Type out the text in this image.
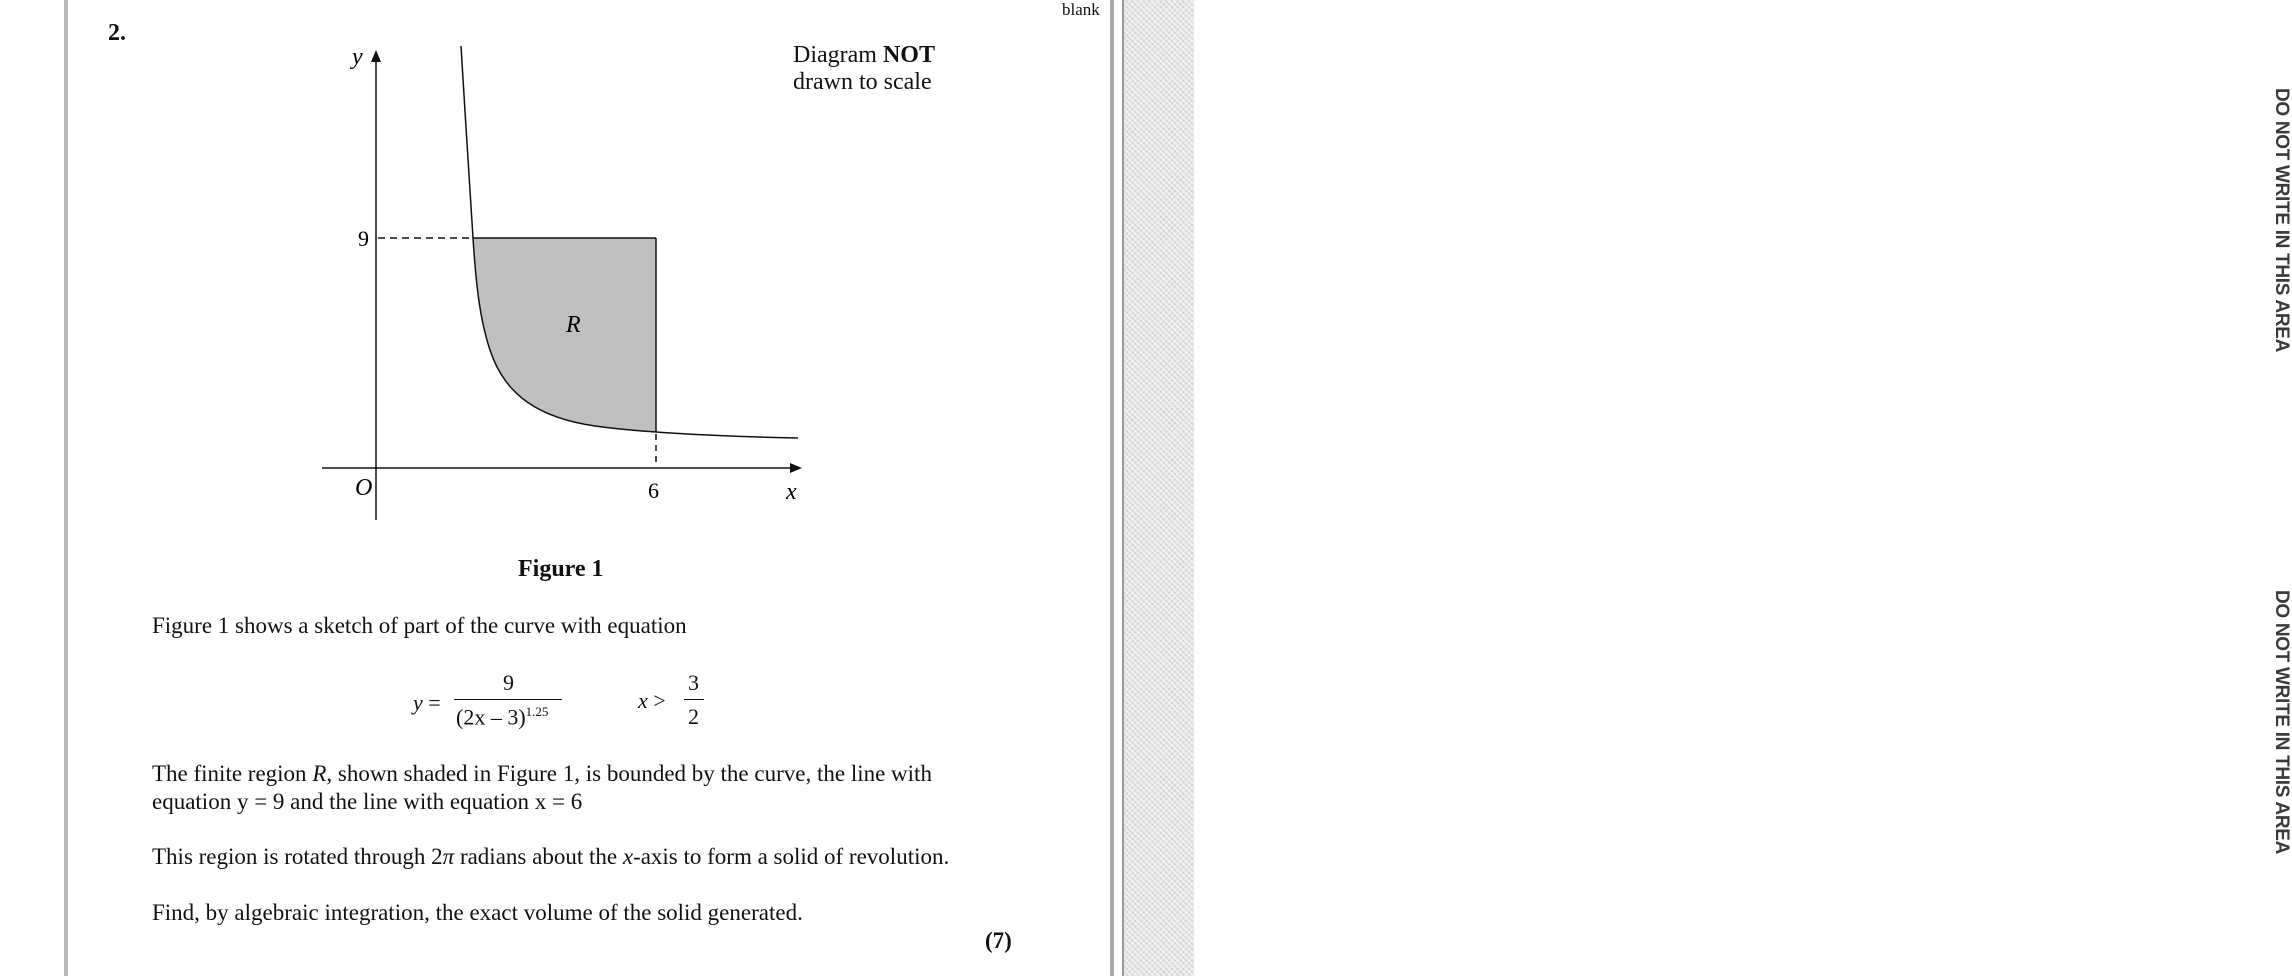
DO NOT WRITE IN THIS AREA
DO NOT WRITE IN THIS AREA
blank
2.
y
x
O
9
6
R
Diagram NOT
drawn to scale
Figure 1
Figure 1 shows a sketch of part of the curve with equation
y =
9
(2x – 3)$^{1.25}$	x >
3
2
The finite region R, shown shaded in Figure 1, is bounded by the curve, the line with
equation y = 9 and the line with equation x = 6
This region is rotated through 2π radians about the x-axis to form a solid of revolution.
Find, by algebraic integration, the exact volume of the solid generated.
(7)
